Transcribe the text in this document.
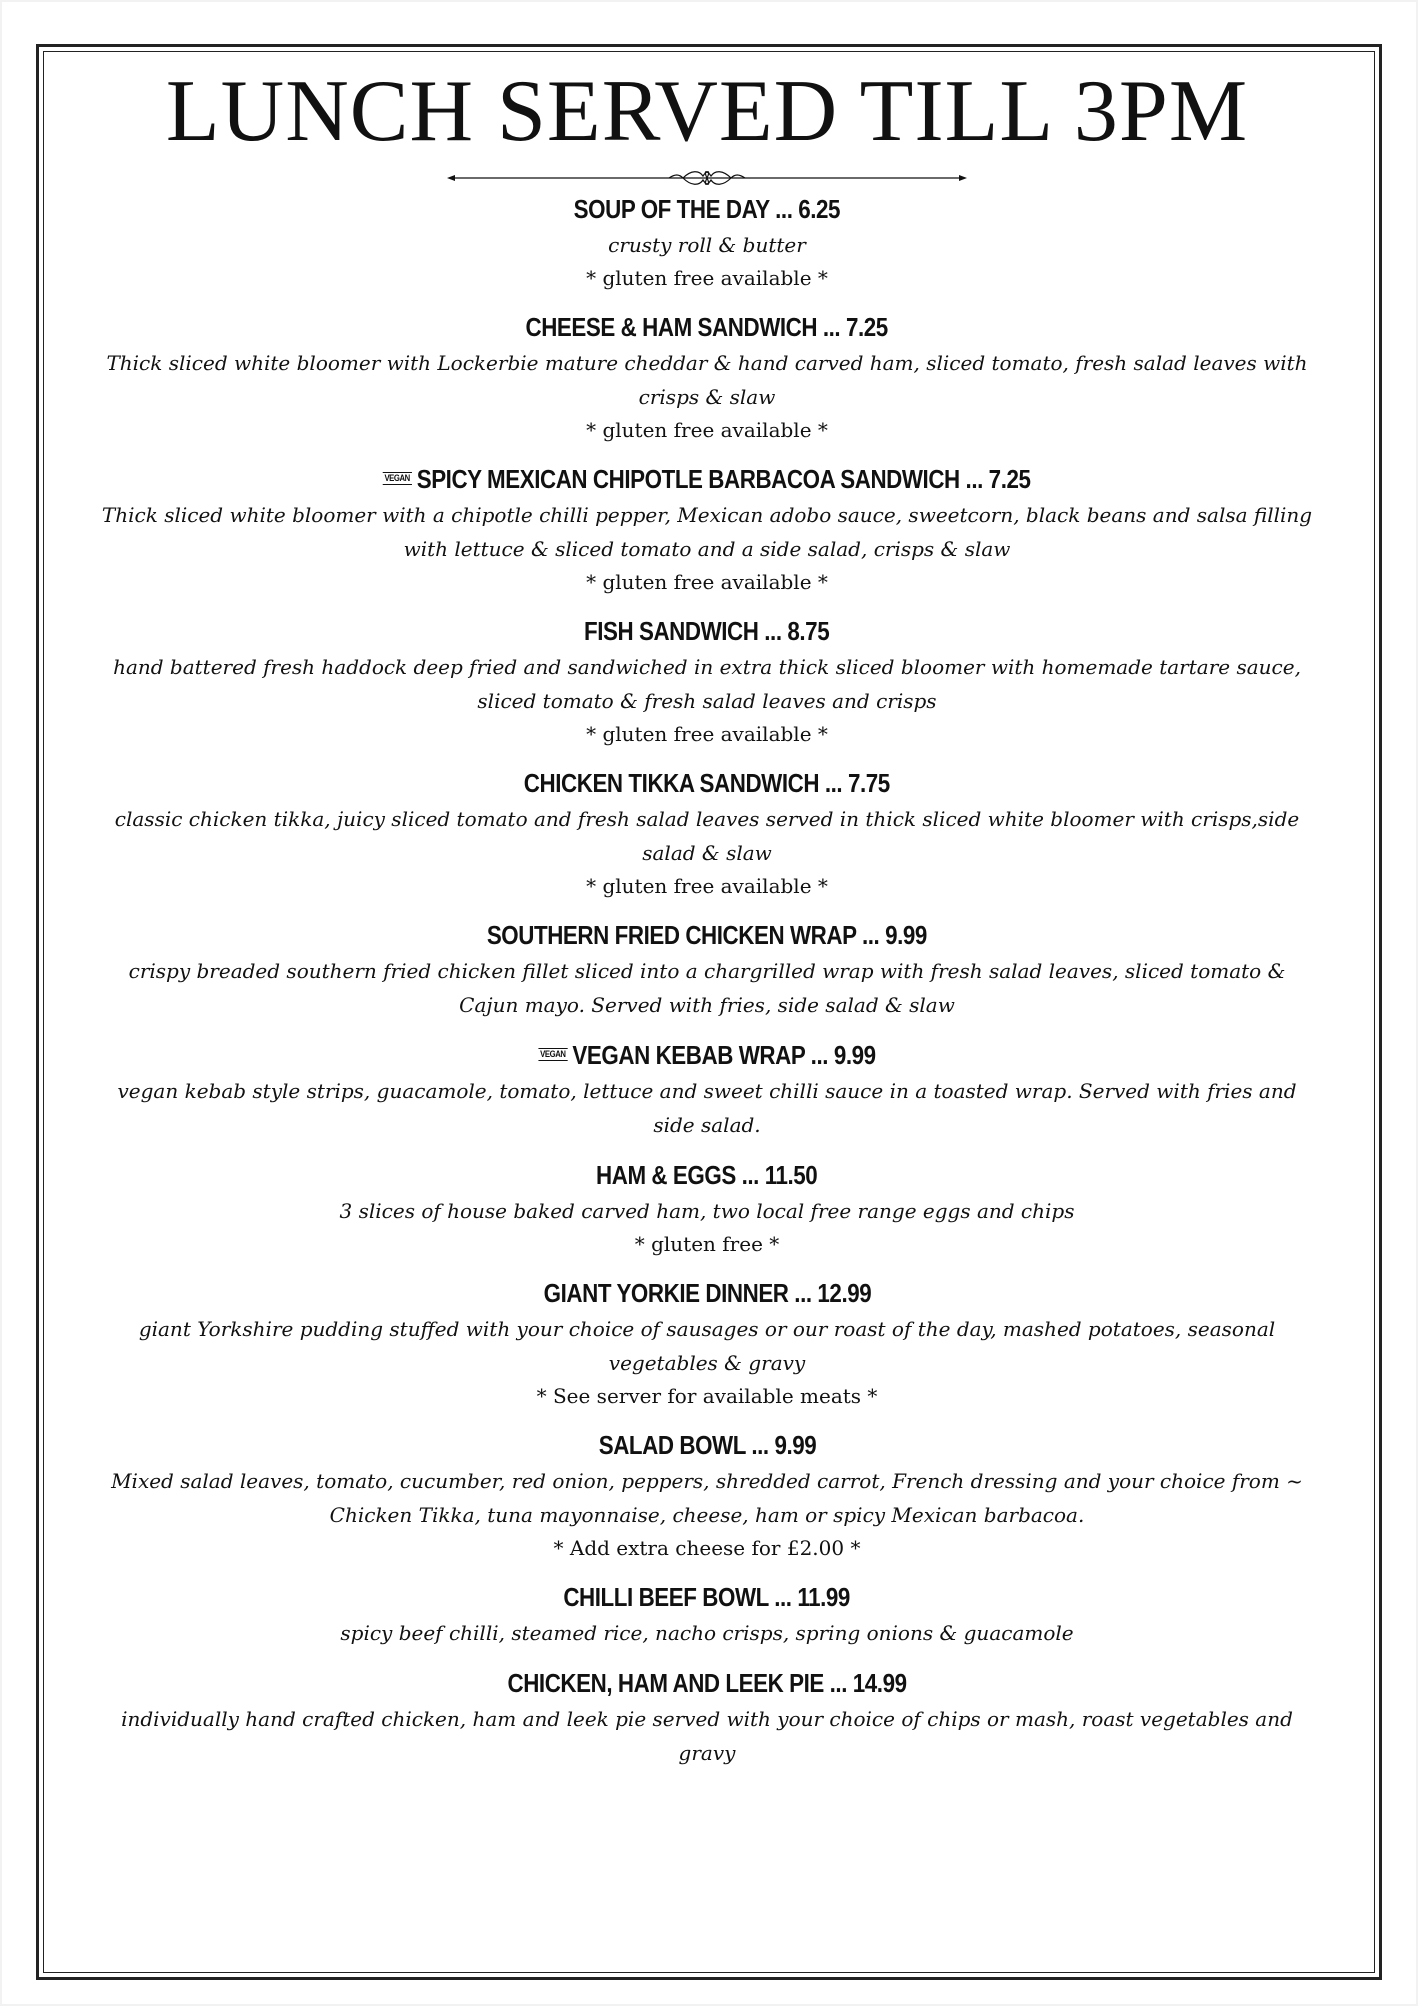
LUNCH SERVED TILL 3PM
SOUP OF THE DAY ... 6.25
crusty roll & butter
* gluten free available *
CHEESE & HAM SANDWICH ... 7.25
Thick sliced white bloomer with Lockerbie mature cheddar & hand carved ham, sliced tomato, fresh salad leaves with crisps & slaw
* gluten free available *
VEGAN SPICY MEXICAN CHIPOTLE BARBACOA SANDWICH ... 7.25
Thick sliced white bloomer with a chipotle chilli pepper, Mexican adobo sauce, sweetcorn, black beans and salsa filling with lettuce & sliced tomato and a side salad, crisps & slaw
* gluten free available *
FISH SANDWICH ... 8.75
hand battered fresh haddock deep fried and sandwiched in extra thick sliced bloomer with homemade tartare sauce, sliced tomato & fresh salad leaves and crisps
* gluten free available *
CHICKEN TIKKA SANDWICH ... 7.75
classic chicken tikka, juicy sliced tomato and fresh salad leaves served in thick sliced white bloomer with crisps,side salad & slaw
* gluten free available *
SOUTHERN FRIED CHICKEN WRAP ... 9.99
crispy breaded southern fried chicken fillet sliced into a chargrilled wrap with fresh salad leaves, sliced tomato & Cajun mayo. Served with fries, side salad & slaw
VEGAN VEGAN KEBAB WRAP ... 9.99
vegan kebab style strips, guacamole, tomato, lettuce and sweet chilli sauce in a toasted wrap. Served with fries and side salad.
HAM & EGGS ... 11.50
3 slices of house baked carved ham, two local free range eggs and chips
* gluten free *
GIANT YORKIE DINNER ... 12.99
giant Yorkshire pudding stuffed with your choice of sausages or our roast of the day, mashed potatoes, seasonal vegetables & gravy
* See server for available meats *
SALAD BOWL ... 9.99
Mixed salad leaves, tomato, cucumber, red onion, peppers, shredded carrot, French dressing and your choice from ~ Chicken Tikka, tuna mayonnaise, cheese, ham or spicy Mexican barbacoa.
* Add extra cheese for £2.00 *
CHILLI BEEF BOWL ... 11.99
spicy beef chilli, steamed rice, nacho crisps, spring onions & guacamole
CHICKEN, HAM AND LEEK PIE ... 14.99
individually hand crafted chicken, ham and leek pie served with your choice of chips or mash, roast vegetables and gravy
